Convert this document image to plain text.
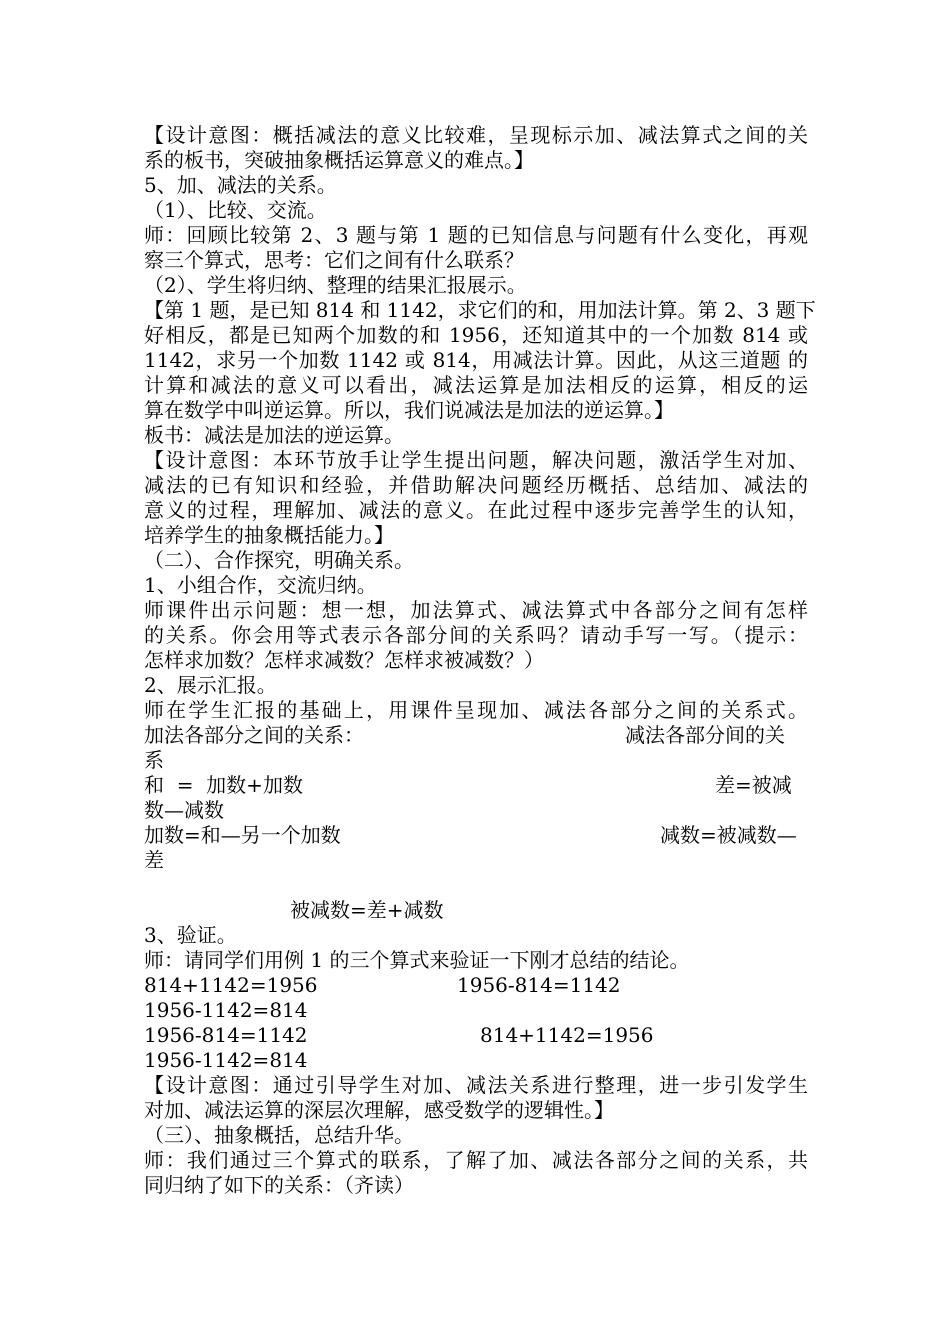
【设计意图：概括减法的意义比较难，呈现标示加、减法算式之间的关
系的板书，突破抽象概括运算意义的难点。】
5、加、减法的关系。
（1）、比较、交流。
师：回顾比较第 2、3 题与第 1 题的已知信息与问题有什么变化，再观
察三个算式，思考：它们之间有什么联系？
（2）、学生将归纳、整理的结果汇报展示。
【第 1 题，是已知 814 和 1142，求它们的和，用加法计算。第 2、3 题下
好相反，都是已知两个加数的和 1956，还知道其中的一个加数 814 或
1142，求另一个加数 1142 或 814，用减法计算。因此，从这三道题 的
计算和减法的意义可以看出，减法运算是加法相反的运算，相反的运
算在数学中叫逆运算。所以，我们说减法是加法的逆运算。】
板书：减法是加法的逆运算。
【设计意图：本环节放手让学生提出问题，解决问题，激活学生对加、
减法的已有知识和经验，并借助解决问题经历概括、总结加、减法的
意义的过程，理解加、减法的意义。在此过程中逐步完善学生的认知，
培养学生的抽象概括能力。】
（二）、合作探究，明确关系。
1、小组合作，交流归纳。
师课件出示问题：想一想，加法算式、减法算式中各部分之间有怎样
的关系。你会用等式表示各部分间的关系吗？请动手写一写。（提示：
怎样求加数？怎样求减数？怎样求被减数？）
2、展示汇报。
师在学生汇报的基础上，用课件呈现加、减法各部分之间的关系式。
加法各部分之间的关系：	减法各部分间的关
系
和  =  加数+加数	差=被减
数—减数
加数=和—另一个加数	减数=被减数—
差
被减数=差+减数
3、验证。
师：请同学们用例 1 的三个算式来验证一下刚才总结的结论。
814+1142=1956	1956-814=1142
1956-1142=814
1956-814=1142	814+1142=1956
1956-1142=814
【设计意图：通过引导学生对加、减法关系进行整理，进一步引发学生
对加、减法运算的深层次理解，感受数学的逻辑性。】
（三）、抽象概括，总结升华。
师：我们通过三个算式的联系，了解了加、减法各部分之间的关系，共
同归纳了如下的关系：（齐读）
